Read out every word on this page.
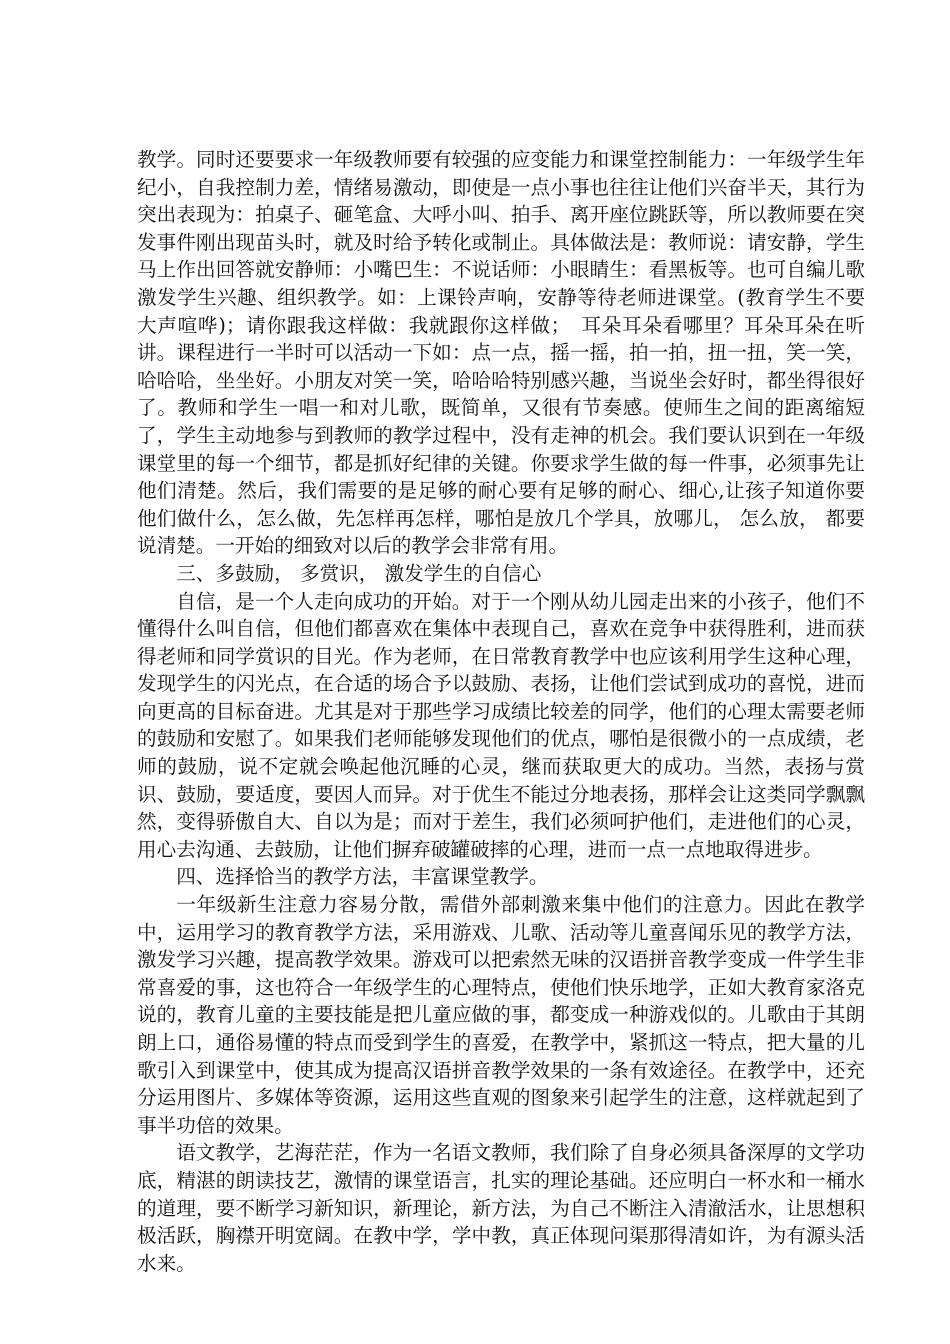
教学。同时还要要求一年级教师要有较强的应变能力和课堂控制能力：一年级学生年纪小，自我控制力差，情绪易激动，即使是一点小事也往往让他们兴奋半天，其行为突出表现为：拍桌子、砸笔盒、大呼小叫、拍手、离开座位跳跃等，所以教师要在突发事件刚出现苗头时，就及时给予转化或制止。具体做法是：教师说：请安静，学生马上作出回答就安静师：小嘴巴生：不说话师：小眼睛生：看黑板等。也可自编儿歌激发学生兴趣、组织教学。如：上课铃声响，安静等待老师进课堂。(教育学生不要大声喧哗)；请你跟我这样做：我就跟你这样做；　耳朵耳朵看哪里？耳朵耳朵在听讲。课程进行一半时可以活动一下如：点一点，摇一摇，拍一拍，扭一扭，笑一笑，哈哈哈，坐坐好。小朋友对笑一笑，哈哈哈特别感兴趣，当说坐会好时，都坐得很好了。教师和学生一唱一和对儿歌，既简单，又很有节奏感。使师生之间的距离缩短了，学生主动地参与到教师的教学过程中，没有走神的机会。我们要认识到在一年级课堂里的每一个细节，都是抓好纪律的关键。你要求学生做的每一件事，必须事先让他们清楚。然后，我们需要的是足够的耐心要有足够的耐心、细心,让孩子知道你要他们做什么，怎么做，先怎样再怎样，哪怕是放几个学具，放哪儿， 怎么放， 都要说清楚。一开始的细致对以后的教学会非常有用。

三、多鼓励， 多赏识， 激发学生的自信心

自信，是一个人走向成功的开始。对于一个刚从幼儿园走出来的小孩子，他们不懂得什么叫自信，但他们都喜欢在集体中表现自己，喜欢在竞争中获得胜利，进而获得老师和同学赏识的目光。作为老师，在日常教育教学中也应该利用学生这种心理，发现学生的闪光点，在合适的场合予以鼓励、表扬，让他们尝试到成功的喜悦，进而向更高的目标奋进。尤其是对于那些学习成绩比较差的同学，他们的心理太需要老师的鼓励和安慰了。如果我们老师能够发现他们的优点，哪怕是很微小的一点成绩，老师的鼓励，说不定就会唤起他沉睡的心灵，继而获取更大的成功。当然，表扬与赏识、鼓励，要适度，要因人而异。对于优生不能过分地表扬，那样会让这类同学飘飘然，变得骄傲自大、自以为是；而对于差生，我们必须呵护他们，走进他们的心灵，用心去沟通、去鼓励，让他们摒弃破罐破摔的心理，进而一点一点地取得进步。

四、选择恰当的教学方法，丰富课堂教学。

一年级新生注意力容易分散，需借外部刺激来集中他们的注意力。因此在教学中，运用学习的教育教学方法，采用游戏、儿歌、活动等儿童喜闻乐见的教学方法，激发学习兴趣，提高教学效果。游戏可以把索然无味的汉语拼音教学变成一件学生非常喜爱的事，这也符合一年级学生的心理特点，使他们快乐地学，正如大教育家洛克说的，教育儿童的主要技能是把儿童应做的事，都变成一种游戏似的。儿歌由于其朗朗上口，通俗易懂的特点而受到学生的喜爱，在教学中，紧抓这一特点，把大量的儿歌引入到课堂中，使其成为提高汉语拼音教学效果的一条有效途径。在教学中，还充分运用图片、多媒体等资源，运用这些直观的图象来引起学生的注意，这样就起到了事半功倍的效果。

语文教学，艺海茫茫，作为一名语文教师，我们除了自身必须具备深厚的文学功底，精湛的朗读技艺，激情的课堂语言，扎实的理论基础。还应明白一杯水和一桶水的道理，要不断学习新知识，新理论，新方法，为自己不断注入清澈活水，让思想积极活跃，胸襟开明宽阔。在教中学，学中教，真正体现问渠那得清如许，为有源头活水来。
